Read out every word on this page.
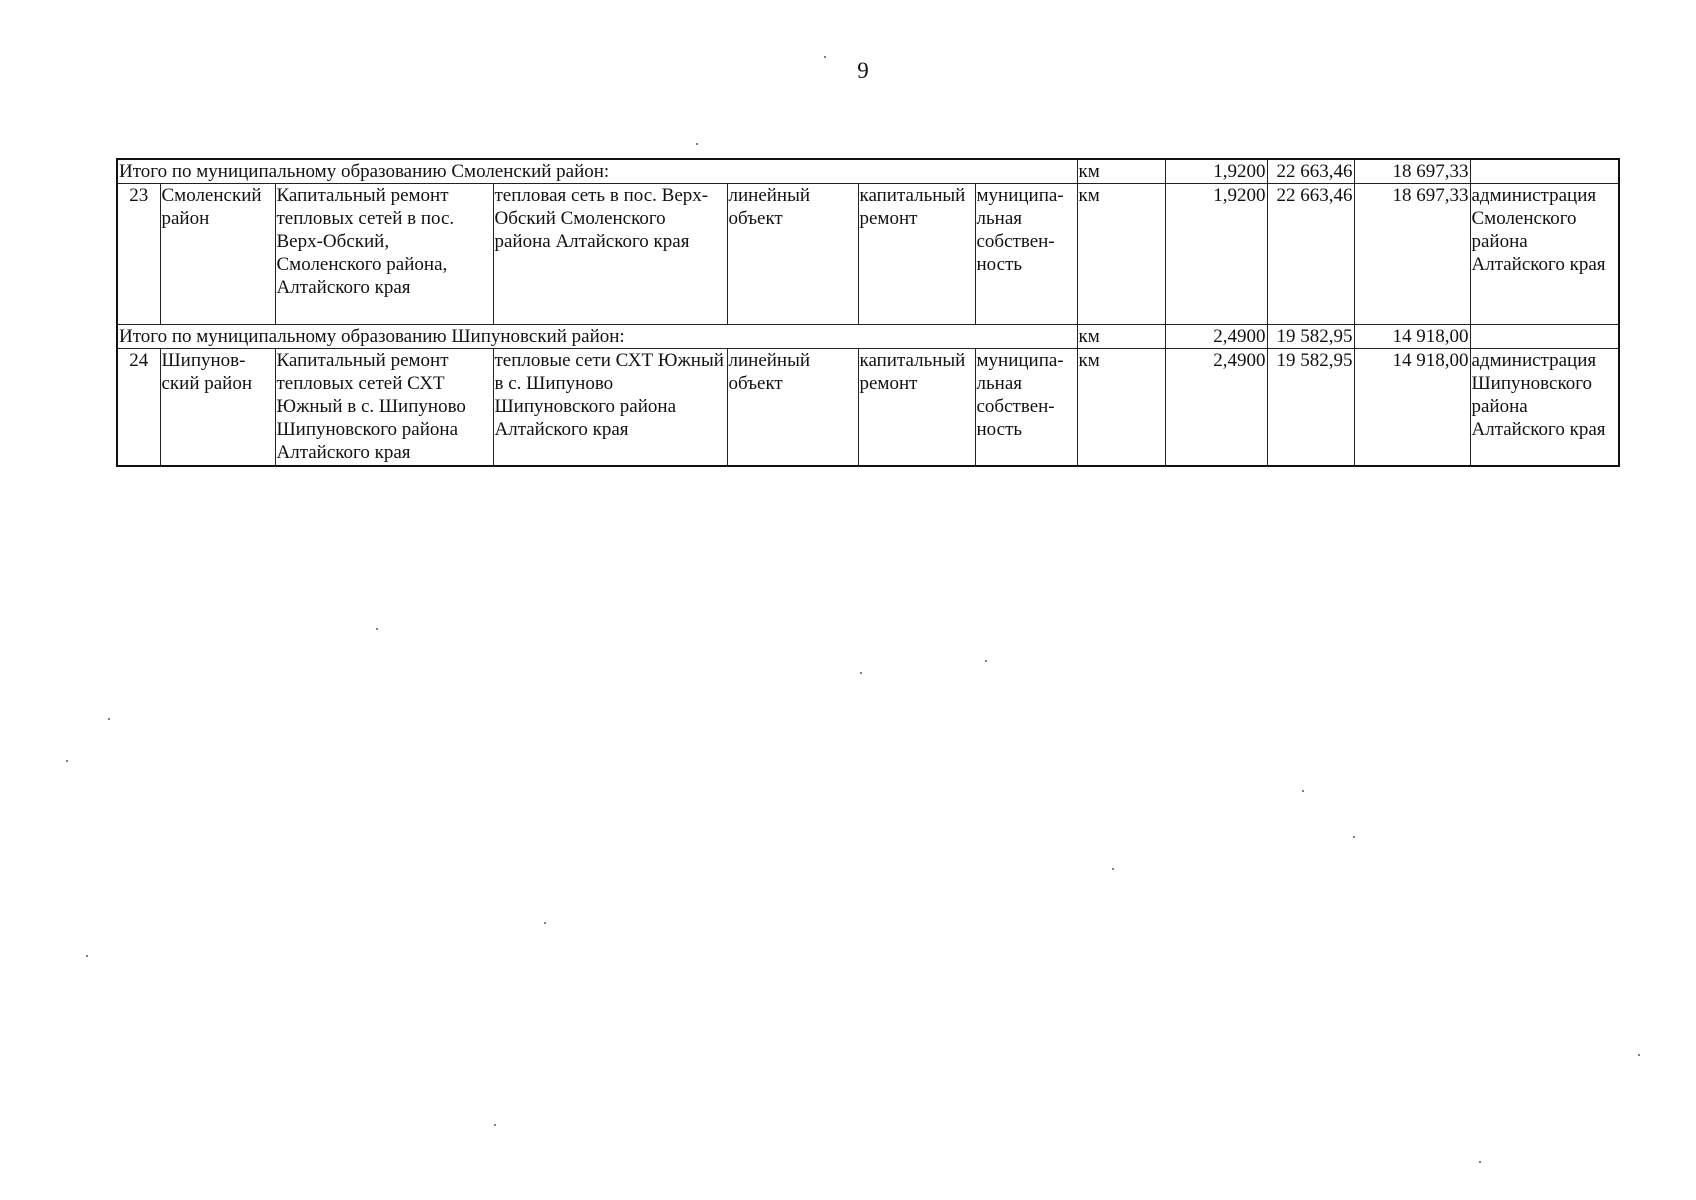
9
Итого по муниципальному образованию Смоленский район:							км	1,9200	22 663,46	18 697,33	
23	Смоленский район	Капитальный ремонт тепловых сетей в пос. Верх-Обский, Смоленского района, Алтайского края	тепловая сеть в пос. Верх-Обский Смоленского района Алтайского края	линейный объект	капитальный ремонт	муниципа-льная собствен-ность	км	1,9200	22 663,46	18 697,33	администрация Смоленского района Алтайского края
Итого по муниципальному образованию Шипуновский район:							км	2,4900	19 582,95	14 918,00	
24	Шипунов-ский район	Капитальный ремонт тепловых сетей СХТ Южный в с. Шипуново Шипуновского района Алтайского края	тепловые сети СХТ Южный в с. Шипуново Шипуновского района Алтайского края	линейный объект	капитальный ремонт	муниципа-льная собствен-ность	км	2,4900	19 582,95	14 918,00	администрация Шипуновского района Алтайского края
